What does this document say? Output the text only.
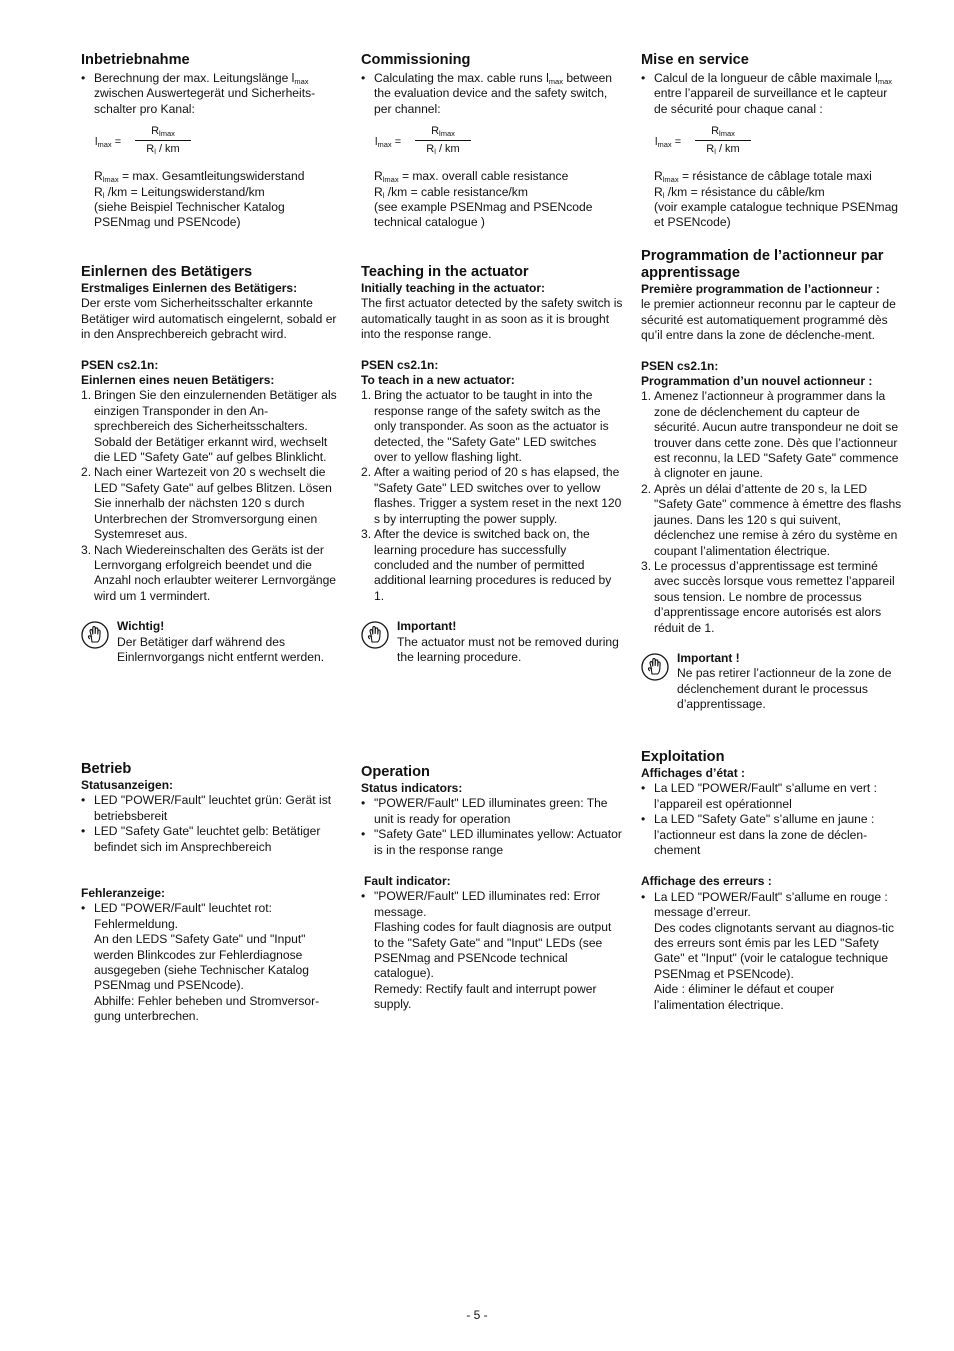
Inbetriebnahme
• Berechnung der max. Leitungslänge $l_{max}$ zwischen Auswertegerät und Sicherheits-schalter pro Kanal:
$l_{max}$ =
$R_{lmax}$
$R_l$ / km

$R_{lmax} = \max$. Gesamtleitungswiderstand

$R_l$ /km = Leitungswiderstand/km

(siehe Beispiel Technischer Katalog PSENmag und PSENcode)

Einlernen des Betätigers
Erstmaliges Einlernen des Betätigers:

Der erste vom Sicherheitsschalter erkannte Betätiger wird automatisch eingelernt, sobald er in den Ansprechbereich gebracht wird.

PSEN cs2.1n:
Einlernen eines neuen Betätigers:
1. Bringen Sie den einzulernenden Betätiger als einzigen Transponder in den An-sprechbereich des Sicherheitsschalters. Sobald der Betätiger erkannt wird, wechselt die LED "Safety Gate" auf gelbes Blinklicht.
2. Nach einer Wartezeit von 20 s wechselt die LED "Safety Gate" auf gelbes Blitzen. Lösen Sie innerhalb der nächsten 120 s durch Unterbrechen der Stromversorgung einen Systemreset aus.
3. Nach Wiedereinschalten des Geräts ist der Lernvorgang erfolgreich beendet und die Anzahl noch erlaubter weiterer Lernvorgänge wird um 1 vermindert.
Wichtig!

Der Betätiger darf während des Einlernvorgangs nicht entfernt werden.

Betrieb
Statusanzeigen:
• LED "POWER/Fault" leuchtet grün: Gerät ist betriebsbereit
• LED "Safety Gate" leuchtet gelb: Betätiger befindet sich im Ansprechbereich
Fehleranzeige:
• LED "POWER/Fault" leuchtet rot: Fehlermeldung.

An den LEDS "Safety Gate" und "Input" werden Blinkcodes zur Fehlerdiagnose ausgegeben (siehe Technischer Katalog PSENmag und PSENcode).

Abhilfe: Fehler beheben und Stromversor-gung unterbrechen.

Commissioning
• Calculating the max. cable runs $l_{max}$ between the evaluation device and the safety switch, per channel:
$l_{max}$ =
$R_{lmax}$
$R_l$ / km

$R_{lmax} = \max$. overall cable resistance

$R_l$ /km = cable resistance/km

(see example PSENmag and PSENcode technical catalogue )

Teaching in the actuator
Initially teaching in the actuator:

The first actuator detected by the safety switch is automatically taught in as soon as it is brought into the response range.

PSEN cs2.1n:
To teach in a new actuator:
1. Bring the actuator to be taught in into the response range of the safety switch as the only transponder. As soon as the actuator is detected, the "Safety Gate" LED switches over to yellow flashing light.
2. After a waiting period of 20 s has elapsed, the "Safety Gate" LED switches over to yellow flashes. Trigger a system reset in the next 120 s by interrupting the power supply.
3. After the device is switched back on, the learning procedure has successfully concluded and the number of permitted additional learning procedures is reduced by 1.
Important!

The actuator must not be removed during the learning procedure.

Operation
Status indicators:
• "POWER/Fault" LED illuminates green: The unit is ready for operation
• "Safety Gate" LED illuminates yellow: Actuator is in the response range
Fault indicator:
• "POWER/Fault" LED illuminates red: Error message.

Flashing codes for fault diagnosis are output to the "Safety Gate" and "Input" LEDs (see PSENmag and PSENcode technical catalogue).

Remedy: Rectify fault and interrupt power supply.

Mise en service
• Calcul de la longueur de câble maximale $l_{max}$ entre l’appareil de surveillance et le capteur de sécurité pour chaque canal :
$l_{max}$ =
$R_{lmax}$
$R_l$ / km

$R_{lmax}$ = résistance de câblage totale maxi

$R_l$ /km = résistance du câble/km

(voir example catalogue technique PSENmag et PSENcode)

Programmation de l’actionneur par apprentissage
Première programmation de l’actionneur :

le premier actionneur reconnu par le capteur de sécurité est automatiquement programmé dès qu’il entre dans la zone de déclenche-ment.

PSEN cs2.1n:
Programmation d’un nouvel actionneur :
1. Amenez l’actionneur à programmer dans la zone de déclenchement du capteur de sécurité. Aucun autre transpondeur ne doit se trouver dans cette zone. Dès que l’actionneur est reconnu, la LED "Safety Gate" commence à clignoter en jaune.
2. Après un délai d’attente de 20 s, la LED "Safety Gate" commence à émettre des flashs jaunes. Dans les 120 s qui suivent, déclenchez une remise à zéro du système en coupant l’alimentation électrique.
3. Le processus d’apprentissage est terminé avec succès lorsque vous remettez l’appareil sous tension. Le nombre de processus d’apprentissage encore autorisés est alors réduit de 1.
Important !

Ne pas retirer l’actionneur de la zone de déclenchement durant le processus d’apprentissage.

Exploitation
Affichages d’état :
• La LED "POWER/Fault" s’allume en vert : l’appareil est opérationnel
• La LED "Safety Gate" s’allume en jaune : l’actionneur est dans la zone de déclen-chement
Affichage des erreurs :
• La LED "POWER/Fault" s’allume en rouge : message d’erreur.

Des codes clignotants servant au diagnos-tic des erreurs sont émis par les LED "Safety Gate" et "Input" (voir le catalogue technique PSENmag et PSENcode).

Aide : éliminer le défaut et couper l’alimentation électrique.

- 5 -
